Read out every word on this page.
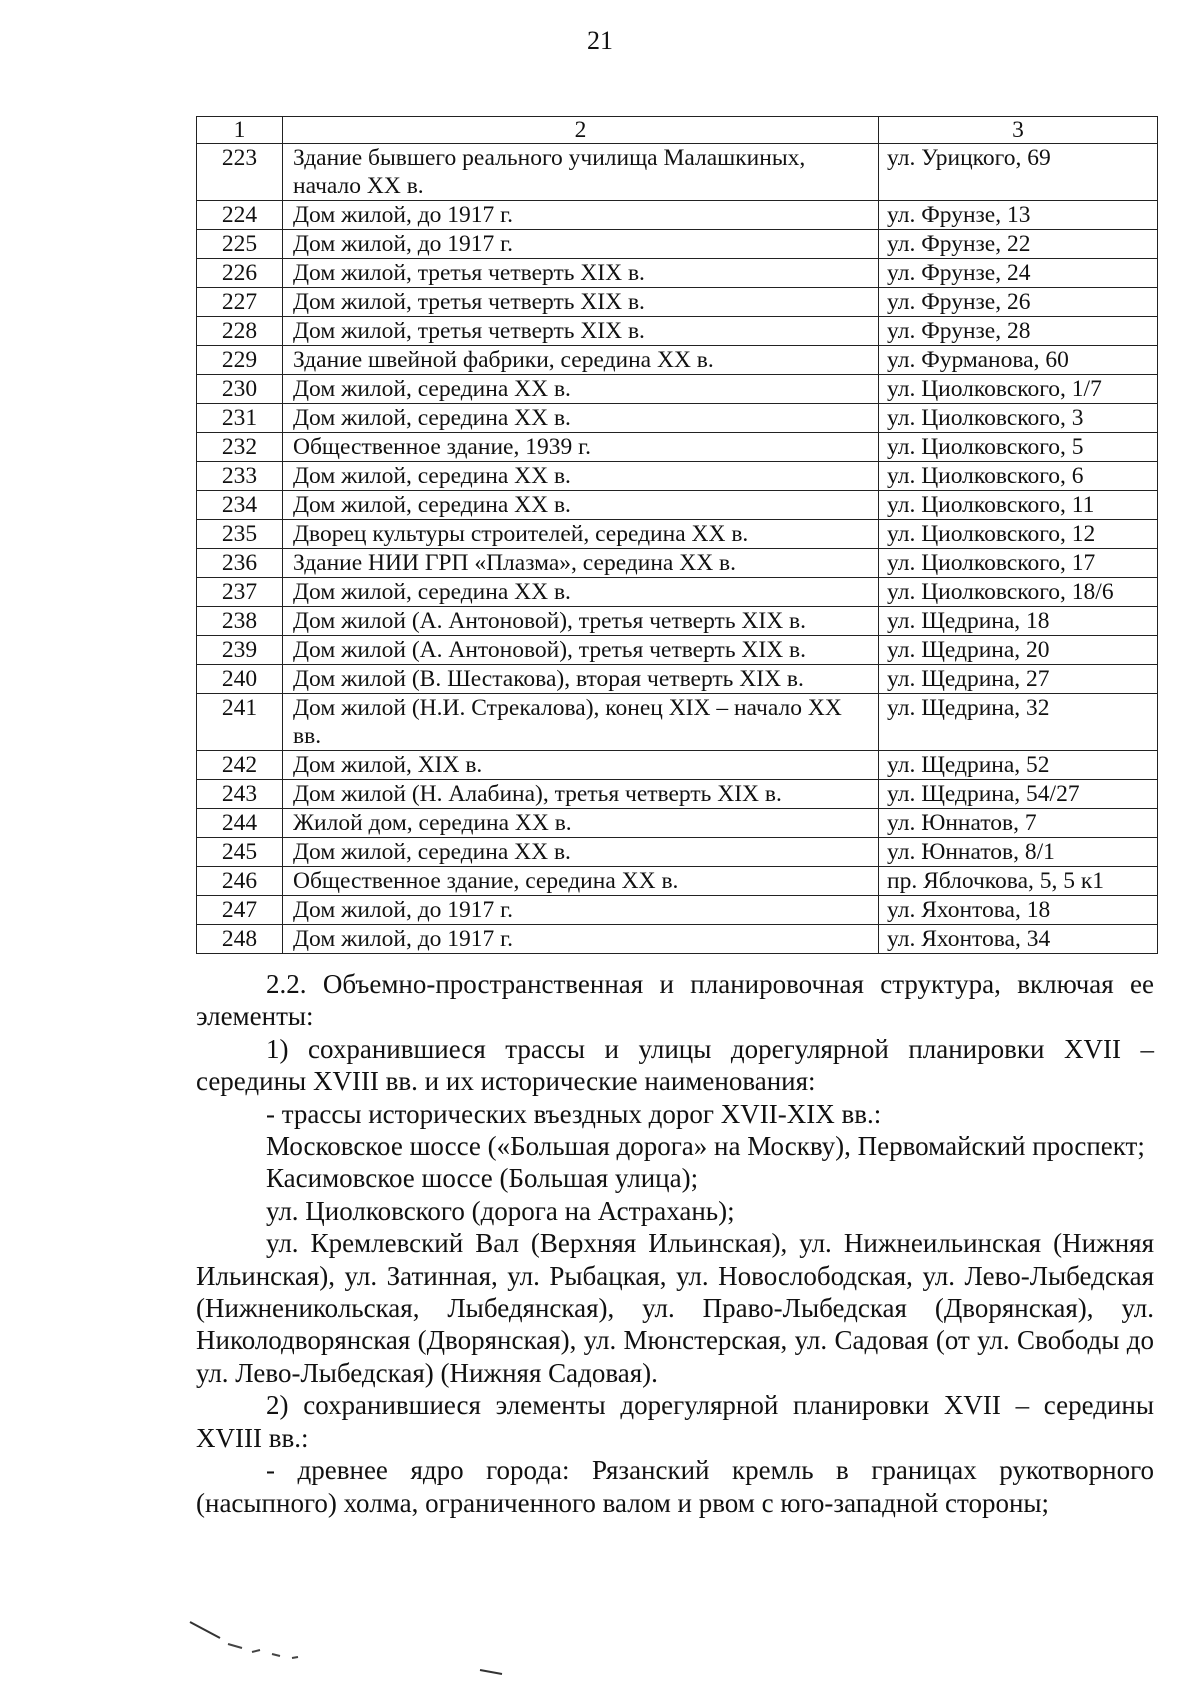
21
1	2	3
223	Здание бывшего реального училища Малашкиных, начало XX в.	ул. Урицкого, 69
224	Дом жилой, до 1917 г.	ул. Фрунзе, 13
225	Дом жилой, до 1917 г.	ул. Фрунзе, 22
226	Дом жилой, третья четверть XIX в.	ул. Фрунзе, 24
227	Дом жилой, третья четверть XIX в.	ул. Фрунзе, 26
228	Дом жилой, третья четверть XIX в.	ул. Фрунзе, 28
229	Здание швейной фабрики, середина XX в.	ул. Фурманова, 60
230	Дом жилой, середина XX в.	ул. Циолковского, 1/7
231	Дом жилой, середина XX в.	ул. Циолковского, 3
232	Общественное здание, 1939 г.	ул. Циолковского, 5
233	Дом жилой, середина XX в.	ул. Циолковского, 6
234	Дом жилой, середина XX в.	ул. Циолковского, 11
235	Дворец культуры строителей, середина XX в.	ул. Циолковского, 12
236	Здание НИИ ГРП «Плазма», середина XX в.	ул. Циолковского, 17
237	Дом жилой, середина XX в.	ул. Циолковского, 18/6
238	Дом жилой (А. Антоновой), третья четверть XIX в.	ул. Щедрина, 18
239	Дом жилой (А. Антоновой), третья четверть XIX в.	ул. Щедрина, 20
240	Дом жилой (В. Шестакова), вторая четверть XIX в.	ул. Щедрина, 27
241	Дом жилой (Н.И. Стрекалова), конец XIX – начало XX вв.	ул. Щедрина, 32
242	Дом жилой, XIX в.	ул. Щедрина, 52
243	Дом жилой (Н. Алабина), третья четверть XIX в.	ул. Щедрина, 54/27
244	Жилой дом, середина XX в.	ул. Юннатов, 7
245	Дом жилой, середина XX в.	ул. Юннатов, 8/1
246	Общественное здание, середина XX в.	пр. Яблочкова, 5, 5 к1
247	Дом жилой, до 1917 г.	ул. Яхонтова, 18
248	Дом жилой, до 1917 г.	ул. Яхонтова, 34

2.2. Объемно-пространственная и планировочная структура, включая ее элементы:

1) сохранившиеся трассы и улицы дорегулярной планировки XVII – середины XVIII вв. и их исторические наименования:

- трассы исторических въездных дорог XVII-XIX вв.:

Московское шоссе («Большая дорога» на Москву), Первомайский проспект;

Касимовское шоссе (Большая улица);

ул. Циолковского (дорога на Астрахань);

ул. Кремлевский Вал (Верхняя Ильинская), ул. Нижнеильинская (Нижняя Ильинская), ул. Затинная, ул. Рыбацкая, ул. Новослободская, ул. Лево-Лыбедская (Нижненикольская, Лыбедянская), ул. Право-Лыбедская (Дворянская), ул. Николодворянская (Дворянская), ул. Мюнстерская, ул. Садовая (от ул. Свободы до ул. Лево-Лыбедская) (Нижняя Садовая).

2) сохранившиеся элементы дорегулярной планировки XVII – середины XVIII вв.:

- древнее ядро города: Рязанский кремль в границах рукотворного (насыпного) холма, ограниченного валом и рвом с юго-западной стороны;
